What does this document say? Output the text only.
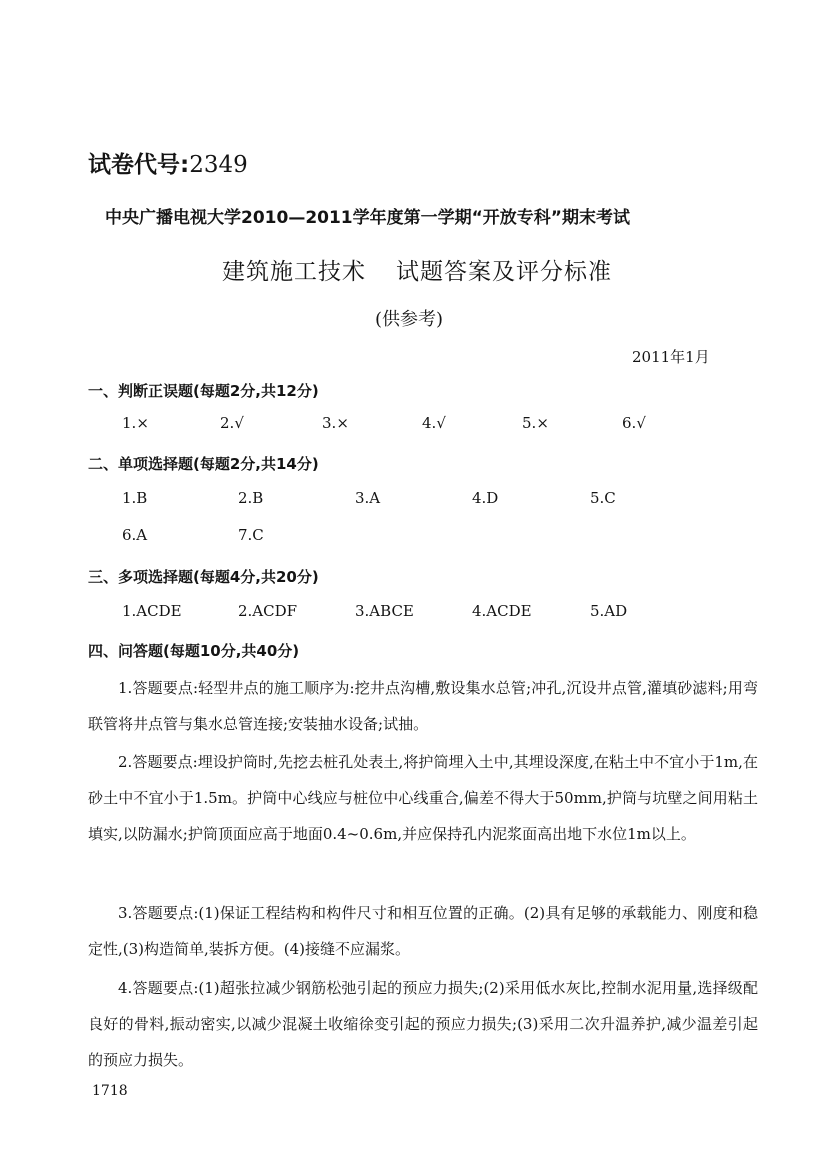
试卷代号:2349
中央广播电视大学2010—2011学年度第一学期“开放专科”期末考试
建筑施工技术 试题答案及评分标准
(供参考)
2011年1月
一、判断正误题(每题2分,共12分)
1.×	2.√	3.×	4.√	5.×	6.√
二、单项选择题(每题2分,共14分)
1.B	2.B	3.A	4.D	5.C
6.A	7.C
三、多项选择题(每题4分,共20分)
1.ACDE	2.ACDF	3.ABCE	4.ACDE	5.AD
四、问答题(每题10分,共40分)

1.答题要点:轻型井点的施工顺序为:挖井点沟槽,敷设集水总管;冲孔,沉设井点管,灌填砂滤料;用弯联管将井点管与集水总管连接;安装抽水设备;试抽。

2.答题要点:埋设护筒时,先挖去桩孔处表土,将护筒埋入土中,其埋设深度,在粘土中不宜小于1m,在砂土中不宜小于1.5m。护筒中心线应与桩位中心线重合,偏差不得大于50mm,护筒与坑壁之间用粘土填实,以防漏水;护筒顶面应高于地面0.4~0.6m,并应保持孔内泥浆面高出地下水位1m以上。

3.答题要点:(1)保证工程结构和构件尺寸和相互位置的正确。(2)具有足够的承载能力、刚度和稳定性,(3)构造简单,装拆方便。(4)接缝不应漏浆。

4.答题要点:(1)超张拉减少钢筋松弛引起的预应力损失;(2)采用低水灰比,控制水泥用量,选择级配良好的骨料,振动密实,以减少混凝土收缩徐变引起的预应力损失;(3)采用二次升温养护,减少温差引起的预应力损失。

1718
